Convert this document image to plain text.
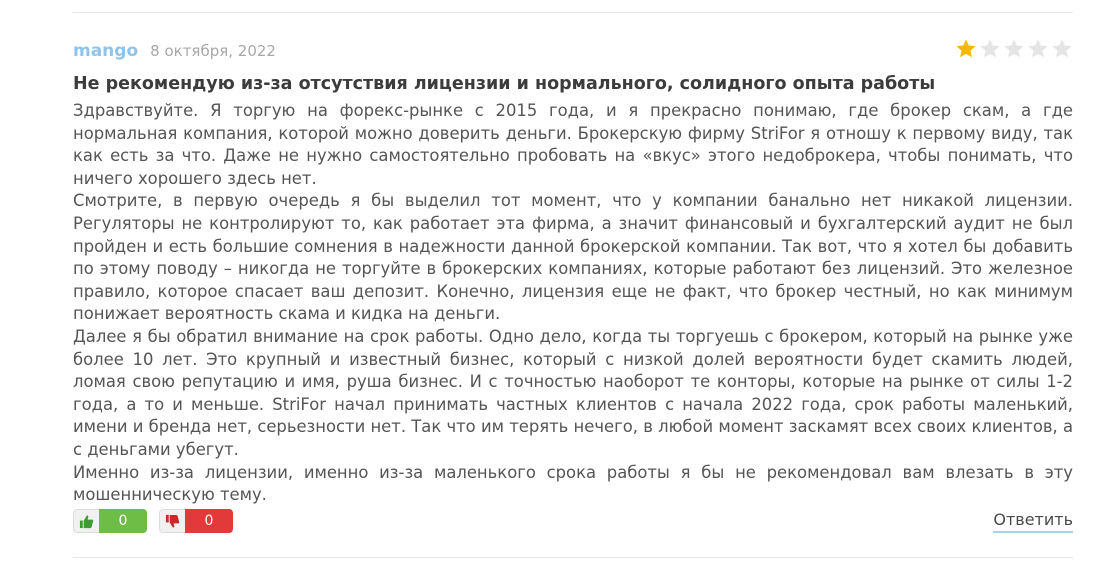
mango 8 октября, 2022
Не рекомендую из-за отсутствия лицензии и нормального, солидного опыта работы

Здравствуйте. Я торгую на форекс-рынке с 2015 года, и я прекрасно понимаю, где брокер скам, а где нормальная компания, которой можно доверить деньги. Брокерскую фирму StriFor я отношу к первому виду, так как есть за что. Даже не нужно самостоятельно пробовать на «вкус» этого недоброкера, чтобы понимать, что ничего хорошего здесь нет.

Смотрите, в первую очередь я бы выделил тот момент, что у компании банально нет никакой лицензии. Регуляторы не контролируют то, как работает эта фирма, а значит финансовый и бухгалтерский аудит не был пройден и есть большие сомнения в надежности данной брокерской компании. Так вот, что я хотел бы добавить по этому поводу – никогда не торгуйте в брокерских компаниях, которые работают без лицензий. Это железное правило, которое спасает ваш депозит. Конечно, лицензия еще не факт, что брокер честный, но как минимум понижает вероятность скама и кидка на деньги.

Далее я бы обратил внимание на срок работы. Одно дело, когда ты торгуешь с брокером, который на рынке уже более 10 лет. Это крупный и известный бизнес, который с низкой долей вероятности будет скамить людей, ломая свою репутацию и имя, руша бизнес. И с точностью наоборот те конторы, которые на рынке от силы 1-2 года, а то и меньше. StriFor начал принимать частных клиентов с начала 2022 года, срок работы маленький, имени и бренда нет, серьезности нет. Так что им терять нечего, в любой момент заскамят всех своих клиентов, а с деньгами убегут.

Именно из-за лицензии, именно из-за маленького срока работы я бы не рекомендовал вам влезать в эту мошенническую тему.

0	0	Ответить
